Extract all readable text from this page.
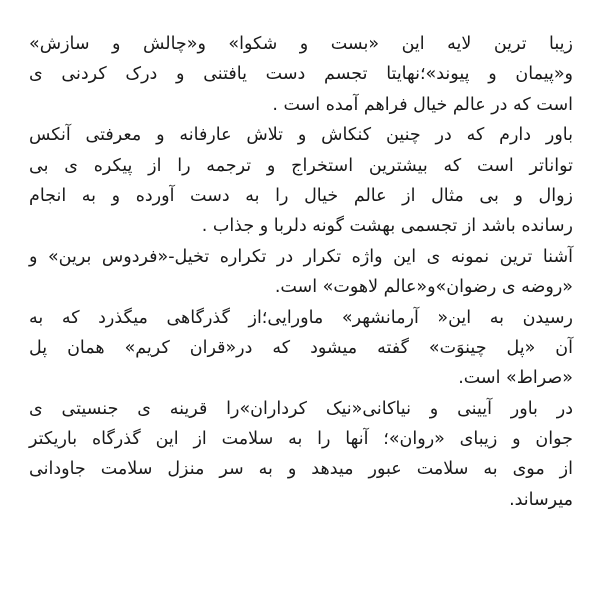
زیبا ترین لایه این «بست و شکوا» و«چالش و سازش»
و«پیمان و پیوند»؛نهایتا تجسم دست یافتنی و درک کردنی ی
است که در عالم خیال فراهم آمده است .
باور دارم که در چنین کنکاش و تلاش عارفانه و معرفتی آنکس
تواناتر است که بیشترین استخراج و ترجمه را از پیکره ی بی
زوال و بی مثال از عالم خیال را به دست آورده و به انجام
رسانده باشد از تجسمی بهشت گونه دلربا و جذاب .
آشنا ترین نمونه ی این واژه تکرار در تکراره تخیل-«فردوس برین» و
«روضه ی رضوان»و«عالم لاهوت» است.
رسیدن به این« آرمانشهر» ماورایی؛از گذرگاهی میگذرد که به
آن «پل چینوَت» گفته میشود که در«قران کریم» همان پل
«صراط» است.
در باور آیینی و نیاکانی«نیک کرداران»را قرینه ی جنسیتی ی
جوان و زیبای «روان»؛ آنها را به سلامت از این گذرگاه باریکتر
از موی به سلامت عبور میدهد و به سر منزل سلامت جاودانی
میرساند.
